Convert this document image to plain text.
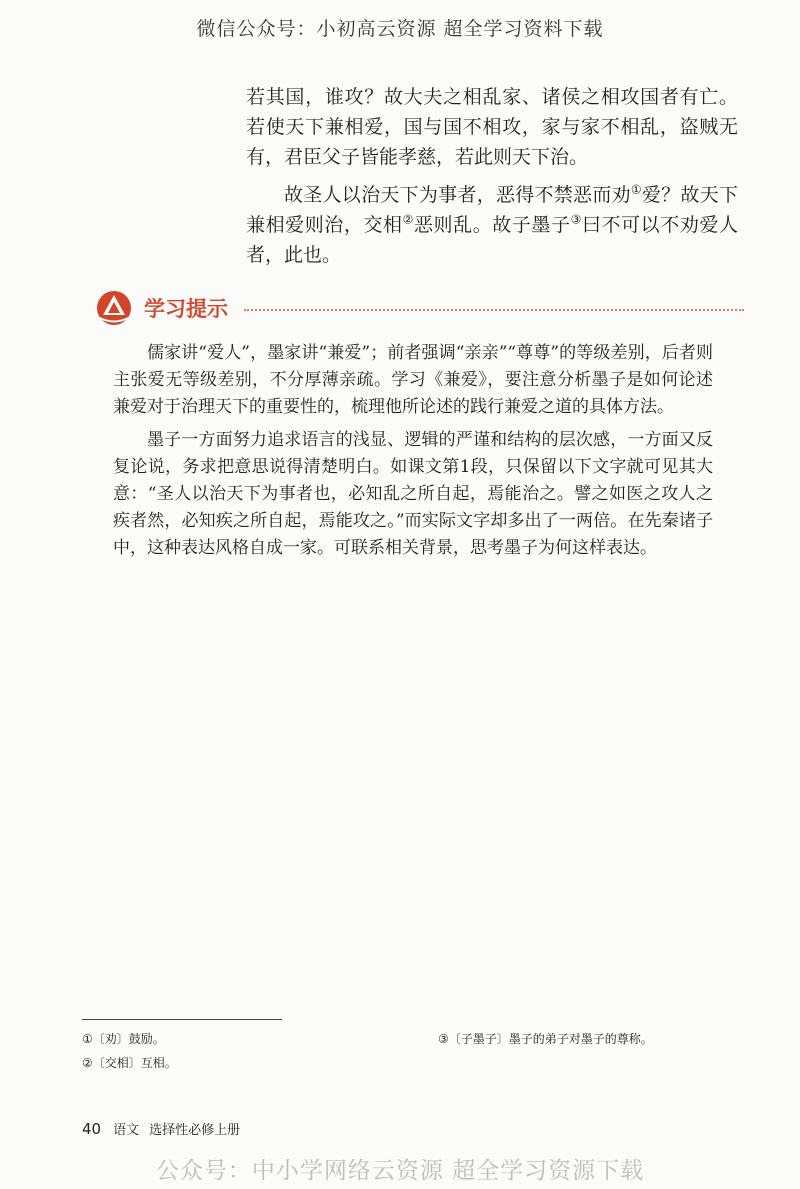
微信公众号：小初高云资源 超全学习资料下载

若其国，谁攻？故大夫之相乱家、诸侯之相攻国者有亡。若使天下兼相爱，国与国不相攻，家与家不相乱，盗贼无有，君臣父子皆能孝慈，若此则天下治。

故圣人以治天下为事者，恶得不禁恶而劝①爱？故天下兼相爱则治，交相②恶则乱。故子墨子③曰不可以不劝爱人者，此也。

学习提示

儒家讲“爱人”，墨家讲“兼爱”；前者强调“亲亲”“尊尊”的等级差别，后者则主张爱无等级差别，不分厚薄亲疏。学习《兼爱》，要注意分析墨子是如何论述兼爱对于治理天下的重要性的，梳理他所论述的践行兼爱之道的具体方法。

墨子一方面努力追求语言的浅显、逻辑的严谨和结构的层次感，一方面又反复论说，务求把意思说得清楚明白。如课文第1段，只保留以下文字就可见其大意：“圣人以治天下为事者也，必知乱之所自起，焉能治之。譬之如医之攻人之疾者然，必知疾之所自起，焉能攻之。”而实际文字却多出了一两倍。在先秦诸子中，这种表达风格自成一家。可联系相关背景，思考墨子为何这样表达。

①〔劝〕鼓励。
②〔交相〕互相。
③〔子墨子〕墨子的弟子对墨子的尊称。
40 语文 选择性必修上册
公众号：中小学网络云资源 超全学习资源下载
